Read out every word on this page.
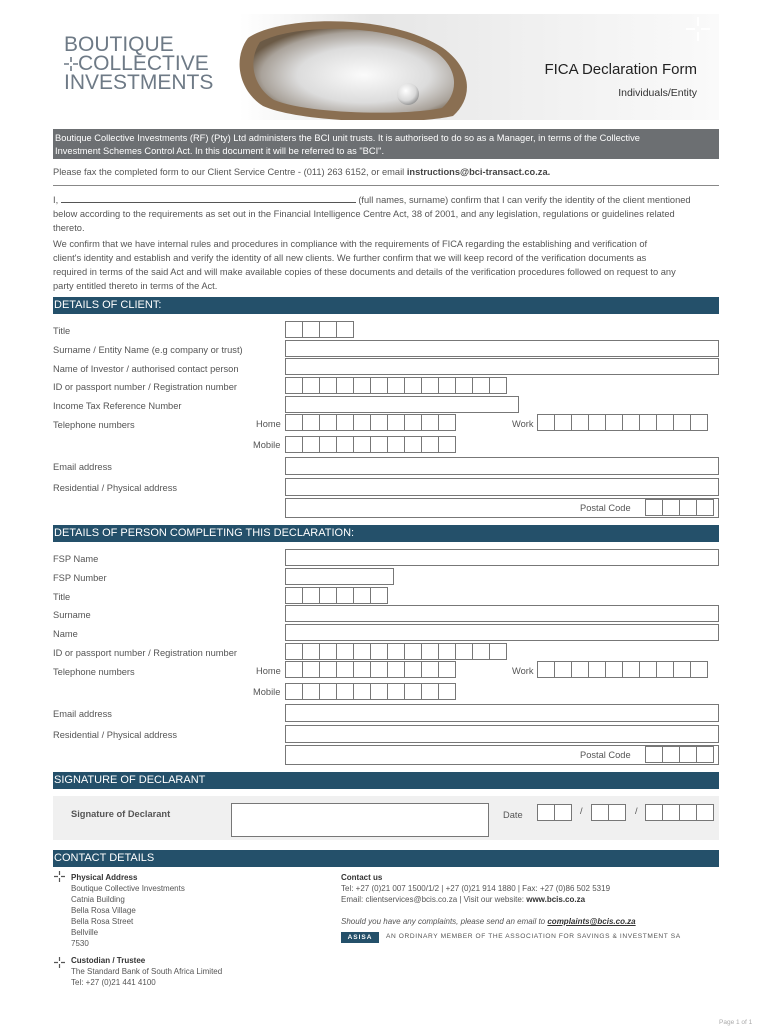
BOUTIQUE
COLLECTIVE
INVESTMENTS
FICA Declaration Form
Individuals/Entity
Boutique Collective Investments (RF) (Pty) Ltd administers the BCI unit trusts. It is authorised to do so as a Manager, in terms of the Collective
Investment Schemes Control Act. In this document it will be referred to as "BCI".
Please fax the completed form to our Client Service Centre - (011) 263 6152, or email instructions@bci-transact.co.za.
I,	(full names, surname) confirm that I can verify the identity of the client mentioned
below according to the requirements as set out in the Financial Intelligence Centre Act, 38 of 2001, and any legislation, regulations or guidelines related
thereto.
We confirm that we have internal rules and procedures in compliance with the requirements of FICA regarding the establishing and verification of
client's identity and establish and verify the identity of all new clients. We further confirm that we will keep record of the verification documents as
required in terms of the said Act and will make available copies of these documents and details of the verification procedures followed on request to any
party entitled thereto in terms of the Act.
DETAILS OF CLIENT:
Title
Surname / Entity Name (e.g company or trust)
Name of Investor / authorised contact person
ID or passport number / Registration number
Income Tax Reference Number
Telephone numbers	Home	Work
Mobile
Email address
Residential / Physical address
Postal Code
DETAILS OF PERSON COMPLETING THIS DECLARATION:
FSP Name
FSP Number
Title
Surname
Name
ID or passport number / Registration number
Telephone numbers	Home	Work
Mobile
Email address
Residential / Physical address
Postal Code
SIGNATURE OF DECLARANT
Signature of Declarant	Date	/	/
CONTACT DETAILS
Physical Address
Boutique Collective Investments
Catnia Building
Bella Rosa Village
Bella Rosa Street
Bellville
7530
Custodian / Trustee
The Standard Bank of South Africa Limited
Tel: +27 (0)21 441 4100
Contact us
Tel: +27 (0)21 007 1500/1/2 | +27 (0)21 914 1880 | Fax: +27 (0)86 502 5319
Email: clientservices@bcis.co.za | Visit our website: www.bcis.co.za
Should you have any complaints, please send an email to complaints@bcis.co.za
ASISA	AN ORDINARY MEMBER OF THE ASSOCIATION FOR SAVINGS & INVESTMENT SA
Page 1 of 1
